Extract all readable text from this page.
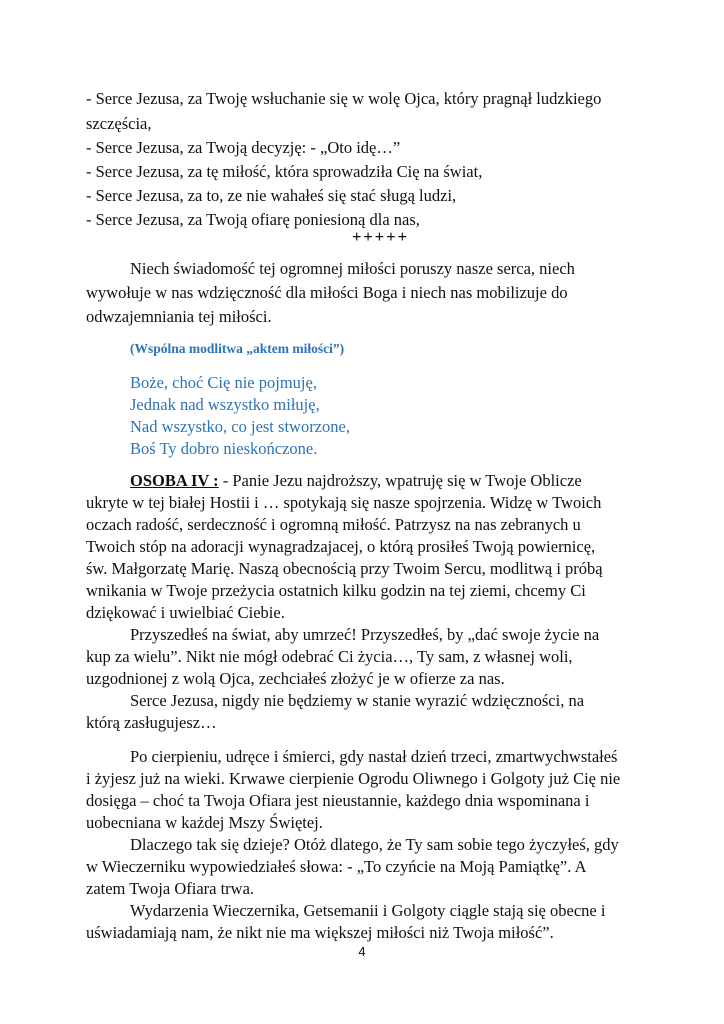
- Serce Jezusa, za Twoję wsłuchanie się w wolę Ojca, który pragnął ludzkiego
szczęścia,
- Serce Jezusa, za Twoją decyzję: - „Oto idę…”
- Serce Jezusa, za tę miłość, która sprowadziła Cię na świat,
- Serce Jezusa, za to, ze nie wahałeś się stać sługą ludzi,
- Serce Jezusa, za Twoją ofiarę poniesioną dla nas,
+++++
Niech świadomość tej ogromnej miłości poruszy nasze serca, niech
wywołuje w nas wdzięczność dla miłości Boga i niech nas mobilizuje do
odwzajemniania tej miłości.
(Wspólna modlitwa „aktem miłości”)
Boże, choć Cię nie pojmuję,
Jednak nad wszystko miłuję,
Nad wszystko, co jest stworzone,
Boś Ty dobro nieskończone.
OSOBA IV : - Panie Jezu najdroższy, wpatruję się w Twoje Oblicze
ukryte w tej białej Hostii i … spotykają się nasze spojrzenia. Widzę w Twoich
oczach radość, serdeczność i ogromną miłość. Patrzysz na nas zebranych u
Twoich stóp na adoracji wynagradzajacej, o którą prosiłeś Twoją powiernicę,
św. Małgorzatę Marię. Naszą obecnością przy Twoim Sercu, modlitwą i próbą
wnikania w Twoje przeżycia ostatnich kilku godzin na tej ziemi, chcemy Ci
dziękować i uwielbiać Ciebie.
Przyszedłeś na świat, aby umrzeć! Przyszedłeś, by „dać swoje życie na
kup za wielu”. Nikt nie mógł odebrać Ci życia…, Ty sam, z własnej woli,
uzgodnionej z wolą Ojca, zechciałeś złożyć je w ofierze za nas.
Serce Jezusa, nigdy nie będziemy w stanie wyrazić wdzięczności, na
którą zasługujesz…
Po cierpieniu, udręce i śmierci, gdy nastał dzień trzeci, zmartwychwstałeś
i żyjesz już na wieki. Krwawe cierpienie Ogrodu Oliwnego i Golgoty już Cię nie
dosięga – choć ta Twoja Ofiara jest nieustannie, każdego dnia wspominana i
uobecniana w każdej Mszy Świętej.
Dlaczego tak się dzieje? Otóż dlatego, że Ty sam sobie tego życzyłeś, gdy
w Wieczerniku wypowiedziałeś słowa: - „To czyńcie na Moją Pamiątkę”. A
zatem Twoja Ofiara trwa.
Wydarzenia Wieczernika, Getsemanii i Golgoty ciągle stają się obecne i
uświadamiają nam, że nikt nie ma większej miłości niż Twoja miłość”.
4
